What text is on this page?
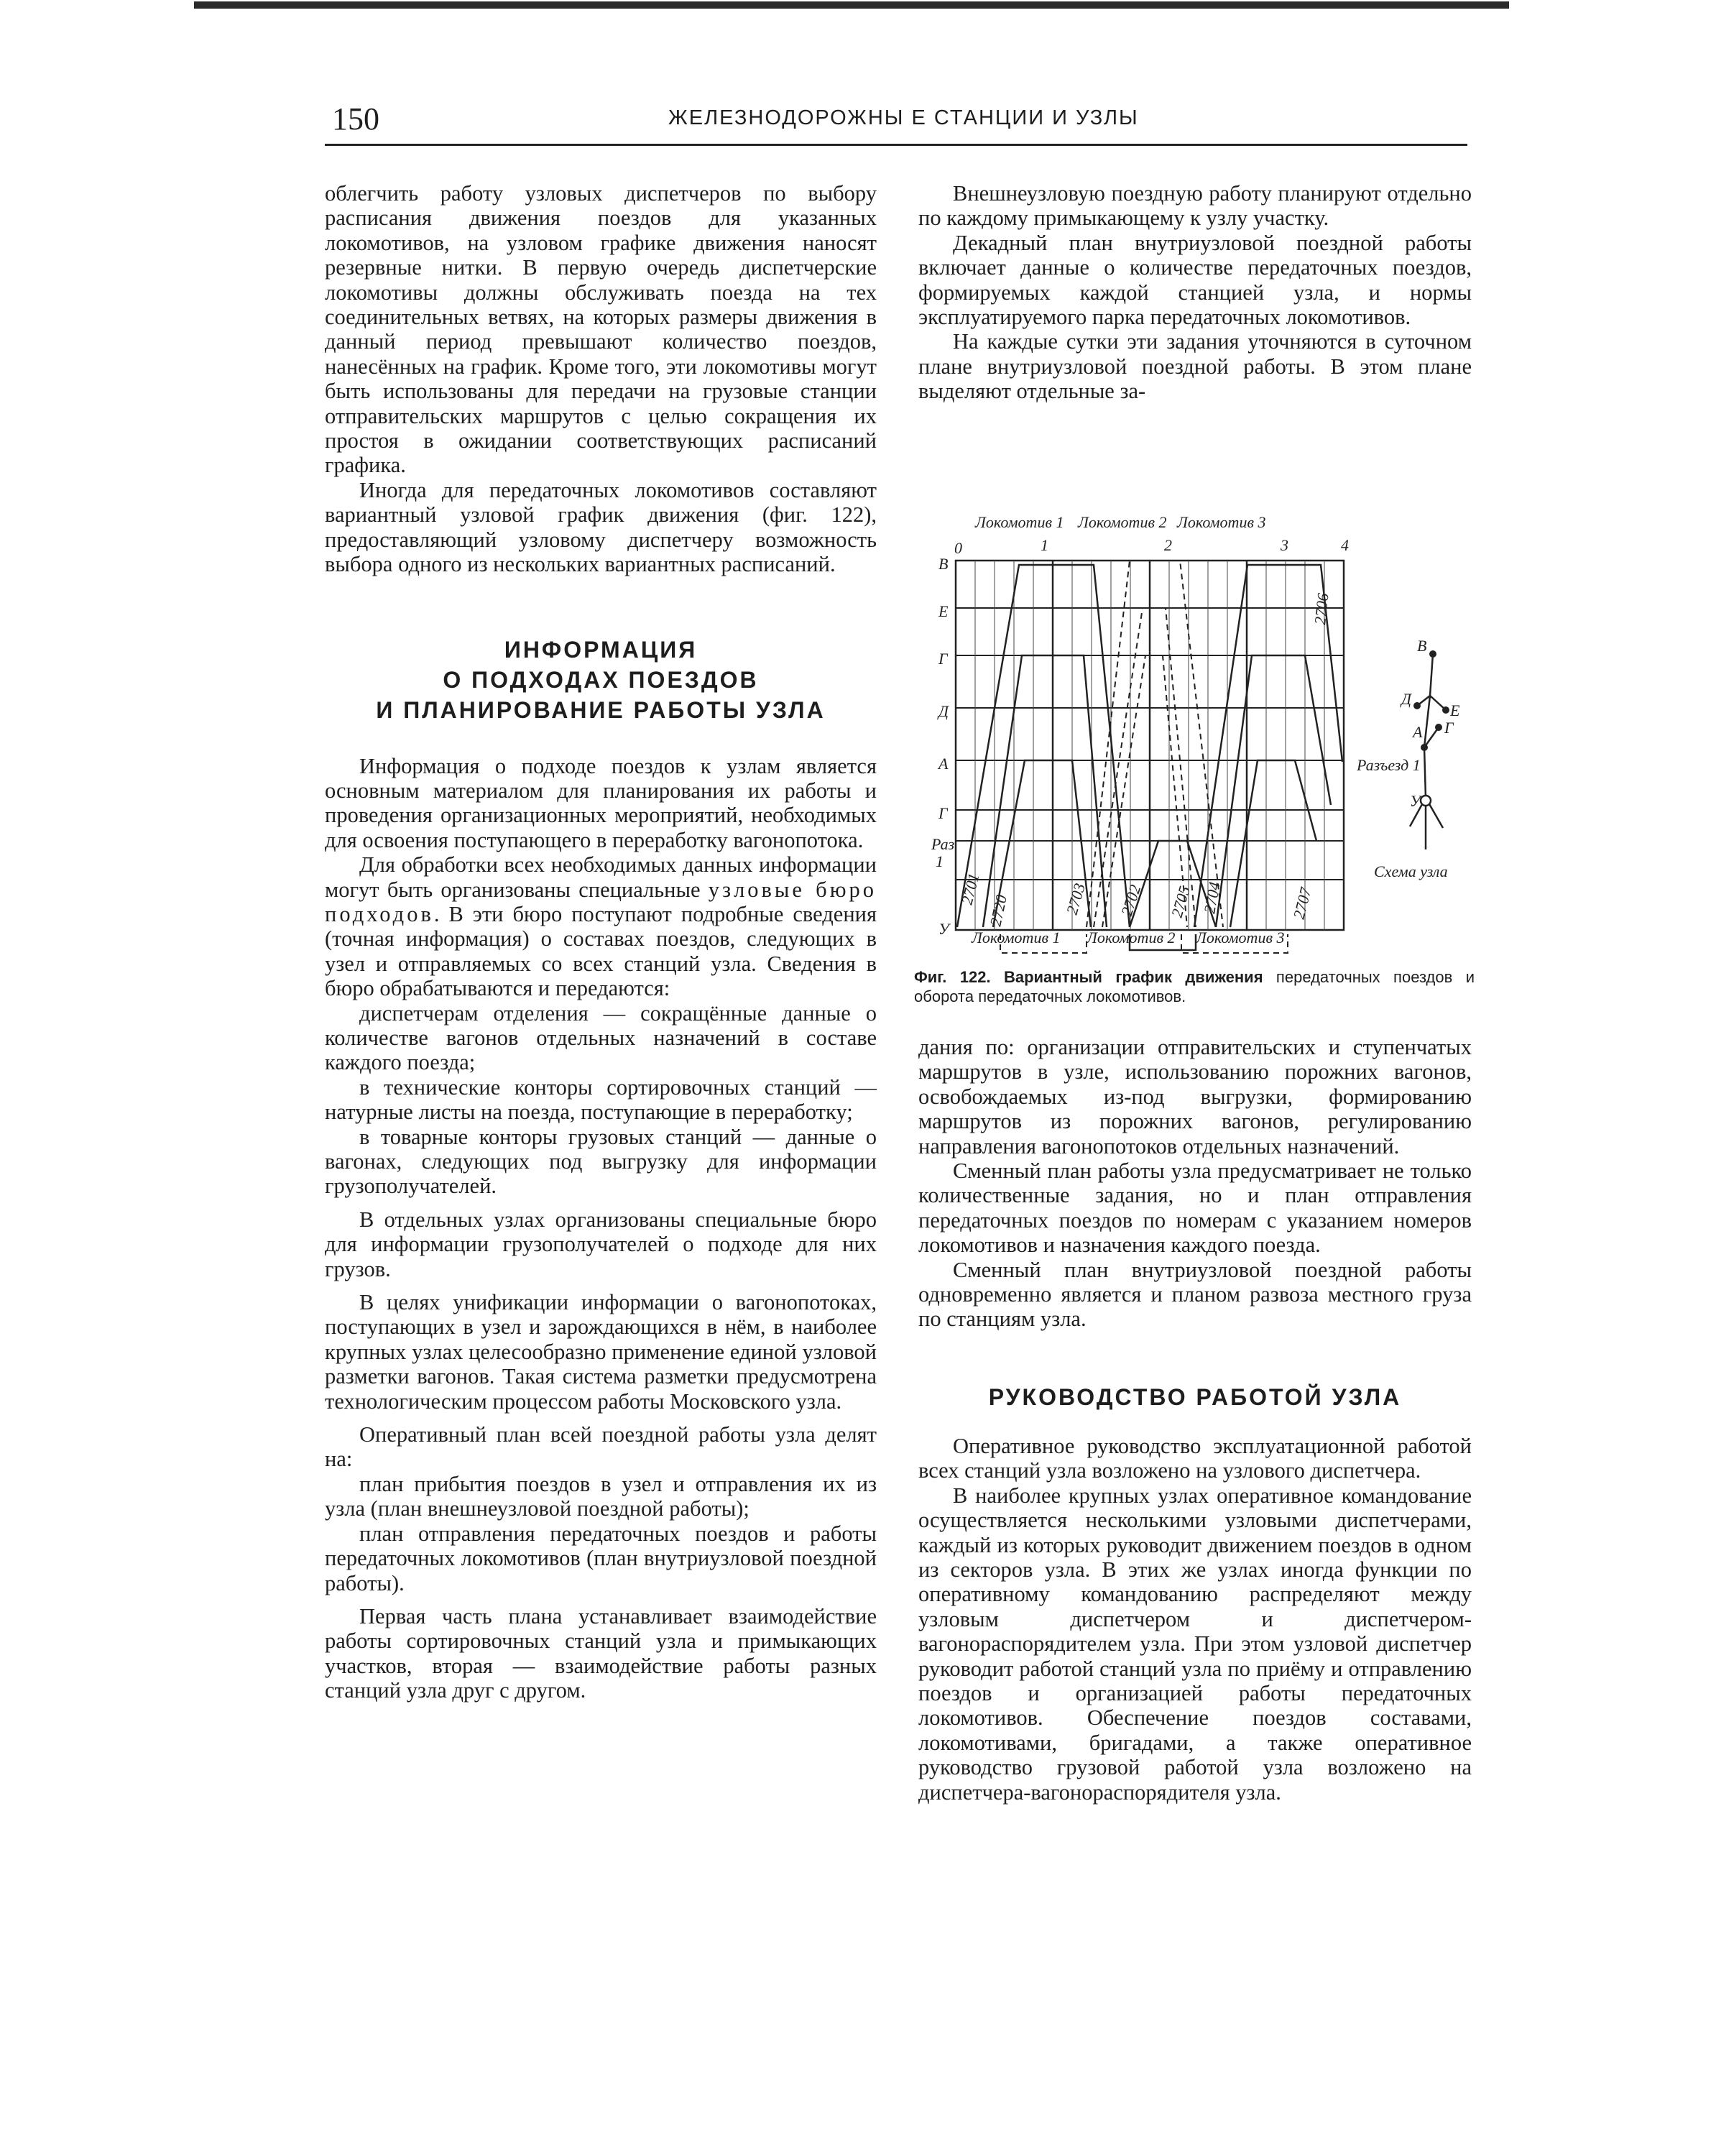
150	ЖЕЛЕЗНОДОРОЖНЫ Е СТАНЦИИ И УЗЛЫ

облегчить работу узловых диспетчеров по выбору расписания движения поездов для указанных локомотивов, на узловом графике движения наносят резервные нитки. В первую очередь диспетчерские локомотивы должны обслуживать поезда на тех соединительных ветвях, на которых размеры движения в данный период превышают количество поездов, нанесённых на график. Кроме того, эти локомотивы могут быть использованы для передачи на грузовые станции отправительских маршрутов с целью сокращения их простоя в ожидании соответствующих расписаний графика.

Иногда для передаточных локомотивов составляют вариантный узловой график движения (фиг. 122), предоставляющий узловому диспетчеру возможность выбора одного из нескольких вариантных расписаний.

ИНФОРМАЦИЯ
О ПОДХОДАХ ПОЕЗДОВ
И ПЛАНИРОВАНИЕ РАБОТЫ УЗЛА

Информация о подходе поездов к узлам является основным материалом для планирования их работы и проведения организационных мероприятий, необходимых для освоения поступающего в переработку вагонопотока.

Для обработки всех необходимых данных информации могут быть организованы специальные узловые бюро подходов. В эти бюро поступают подробные сведения (точная информация) о составах поездов, следующих в узел и отправляемых со всех станций узла. Сведения в бюро обрабатываются и передаются:

диспетчерам отделения — сокращённые данные о количестве вагонов отдельных назначений в составе каждого поезда;

в технические конторы сортировочных станций — натурные листы на поезда, поступающие в переработку;

в товарные конторы грузовых станций — данные о вагонах, следующих под выгрузку для информации грузополучателей.

В отдельных узлах организованы специальные бюро для информации грузополучателей о подходе для них грузов.

В целях унификации информации о вагонопотоках, поступающих в узел и зарождающихся в нём, в наиболее крупных узлах целесообразно применение единой узловой разметки вагонов. Такая система разметки предусмотрена технологическим процессом работы Московского узла.

Оперативный план всей поездной работы узла делят на:

план прибытия поездов в узел и отправления их из узла (план внешнеузловой поездной работы);

план отправления передаточных поездов и работы передаточных локомотивов (план внутриузловой поездной работы).

Первая часть плана устанавливает взаимодействие работы сортировочных станций узла и примыкающих участков, вторая — взаимодействие работы разных станций узла друг с другом.

Внешнеузловую поездную работу планируют отдельно по каждому примыкающему к узлу участку.

Декадный план внутриузловой поездной работы включает данные о количестве передаточных поездов, формируемых каждой станцией узла, и нормы эксплуатируемого парка передаточных локомотивов.

На каждые сутки эти задания уточняются в суточном плане внутриузловой поездной работы. В этом плане выделяют отдельные за-

Локомотив 1 Локомотив 2 Локомотив 3
0	1	2	3	4
В
Е
Г
Д
А
Г
Раз
1
У
2706
2701
2720	2703 2702 2705 2704	2707
Локомотив 1 Локомотив 2 Локомотив 3
В
Д
Е
А Г
Разъезд 1
У
Схема узла
Фиг. 122. Вариантный график движения передаточных поездов и оборота передаточных локомотивов.

дания по: организации отправительских и ступенчатых маршрутов в узле, использованию порожних вагонов, освобождаемых из-под выгрузки, формированию маршрутов из порожних вагонов, регулированию направления вагонопотоков отдельных назначений.

Сменный план работы узла предусматривает не только количественные задания, но и план отправления передаточных поездов по номерам с указанием номеров локомотивов и назначения каждого поезда.

Сменный план внутриузловой поездной работы одновременно является и планом развоза местного груза по станциям узла.

РУКОВОДСТВО РАБОТОЙ УЗЛА

Оперативное руководство эксплуатационной работой всех станций узла возложено на узлового диспетчера.

В наиболее крупных узлах оперативное командование осуществляется несколькими узловыми диспетчерами, каждый из которых руководит движением поездов в одном из секторов узла. В этих же узлах иногда функции по оперативному командованию распределяют между узловым диспетчером и диспетчером-вагонораспорядителем узла. При этом узловой диспетчер руководит работой станций узла по приёму и отправлению поездов и организацией работы передаточных локомотивов. Обеспечение поездов составами, локомотивами, бригадами, а также оперативное руководство грузовой работой узла возложено на диспетчера-вагонораспорядителя узла.
